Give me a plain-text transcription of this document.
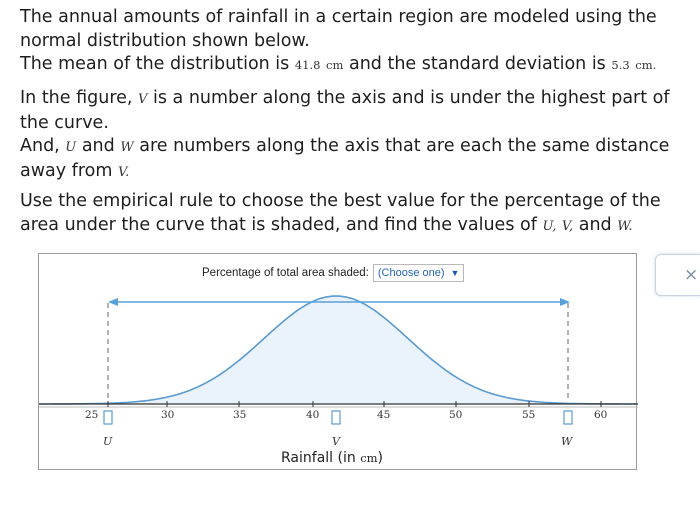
The annual amounts of rainfall in a certain region are modeled using the normal distribution shown below.

The mean of the distribution is 41.8 cm and the standard deviation is 5.3 cm.

In the figure, V is a number along the axis and is under the highest part of the curve.

And, U and W are numbers along the axis that are each the same distance away from V.

Use the empirical rule to choose the best value for the percentage of the area under the curve that is shaded, and find the values of U, V, and W.

25	30	35	40	45	50	55	60
U	V	W
Rainfall (in cm)
Percentage of total area shaded: (Choose one) ▼	×
